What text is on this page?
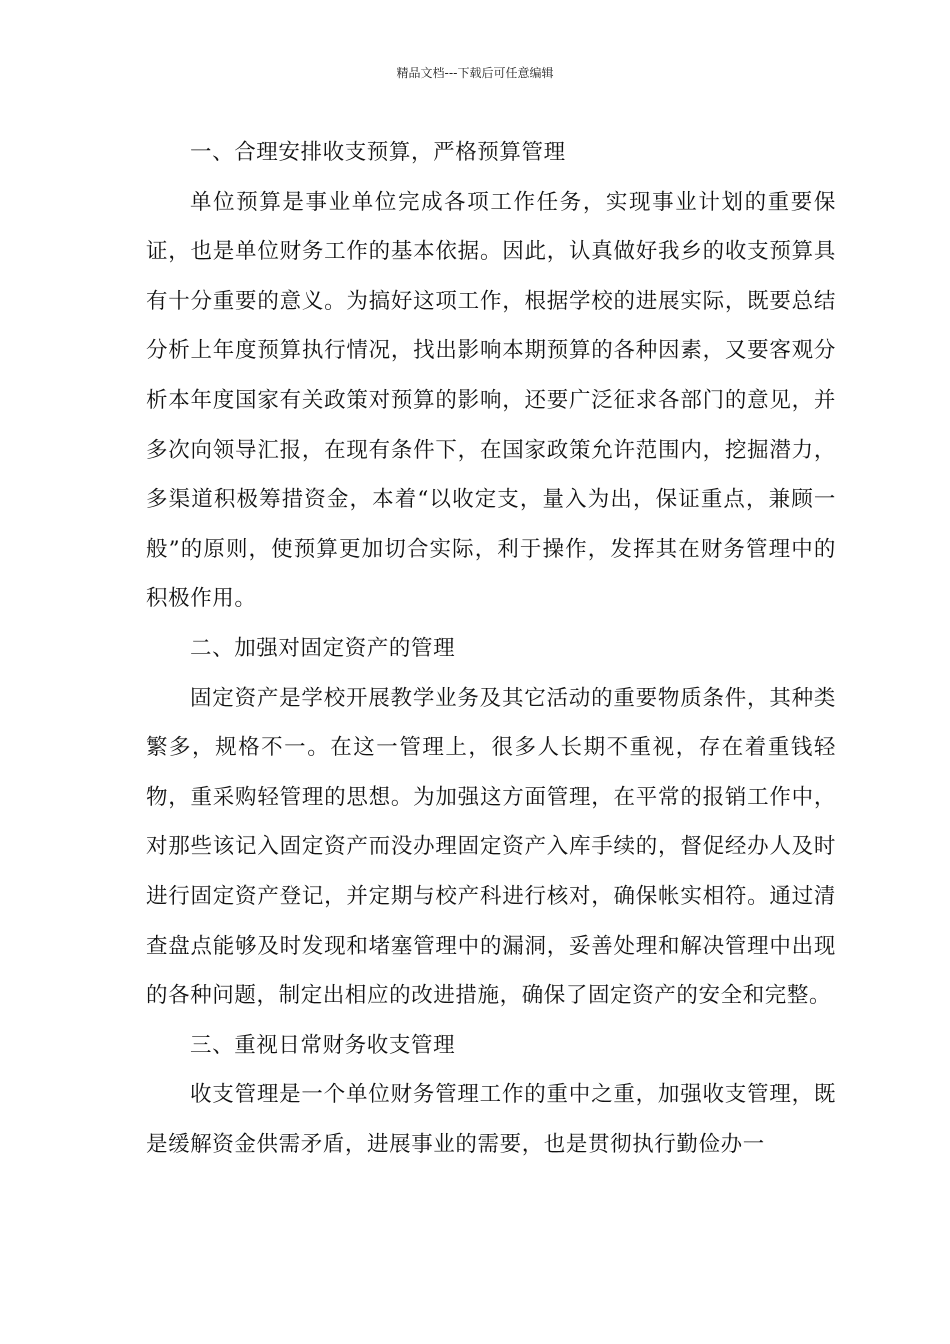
精品文档---下载后可任意编辑

一、合理安排收支预算，严格预算管理

单位预算是事业单位完成各项工作任务，实现事业计划的重要保证，也是单位财务工作的基本依据。因此，认真做好我乡的收支预算具有十分重要的意义。为搞好这项工作，根据学校的进展实际，既要总结分析上年度预算执行情况，找出影响本期预算的各种因素，又要客观分析本年度国家有关政策对预算的影响，还要广泛征求各部门的意见，并多次向领导汇报，在现有条件下，在国家政策允许范围内，挖掘潜力，多渠道积极筹措资金，本着“以收定支，量入为出，保证重点，兼顾一般”的原则，使预算更加切合实际，利于操作，发挥其在财务管理中的积极作用。

二、加强对固定资产的管理

固定资产是学校开展教学业务及其它活动的重要物质条件，其种类繁多，规格不一。在这一管理上，很多人长期不重视，存在着重钱轻物，重采购轻管理的思想。为加强这方面管理，在平常的报销工作中，对那些该记入固定资产而没办理固定资产入库手续的，督促经办人及时进行固定资产登记，并定期与校产科进行核对，确保帐实相符。通过清查盘点能够及时发现和堵塞管理中的漏洞，妥善处理和解决管理中出现的各种问题，制定出相应的改进措施，确保了固定资产的安全和完整。

三、重视日常财务收支管理

收支管理是一个单位财务管理工作的重中之重，加强收支管理，既是缓解资金供需矛盾，进展事业的需要，也是贯彻执行勤俭办一
